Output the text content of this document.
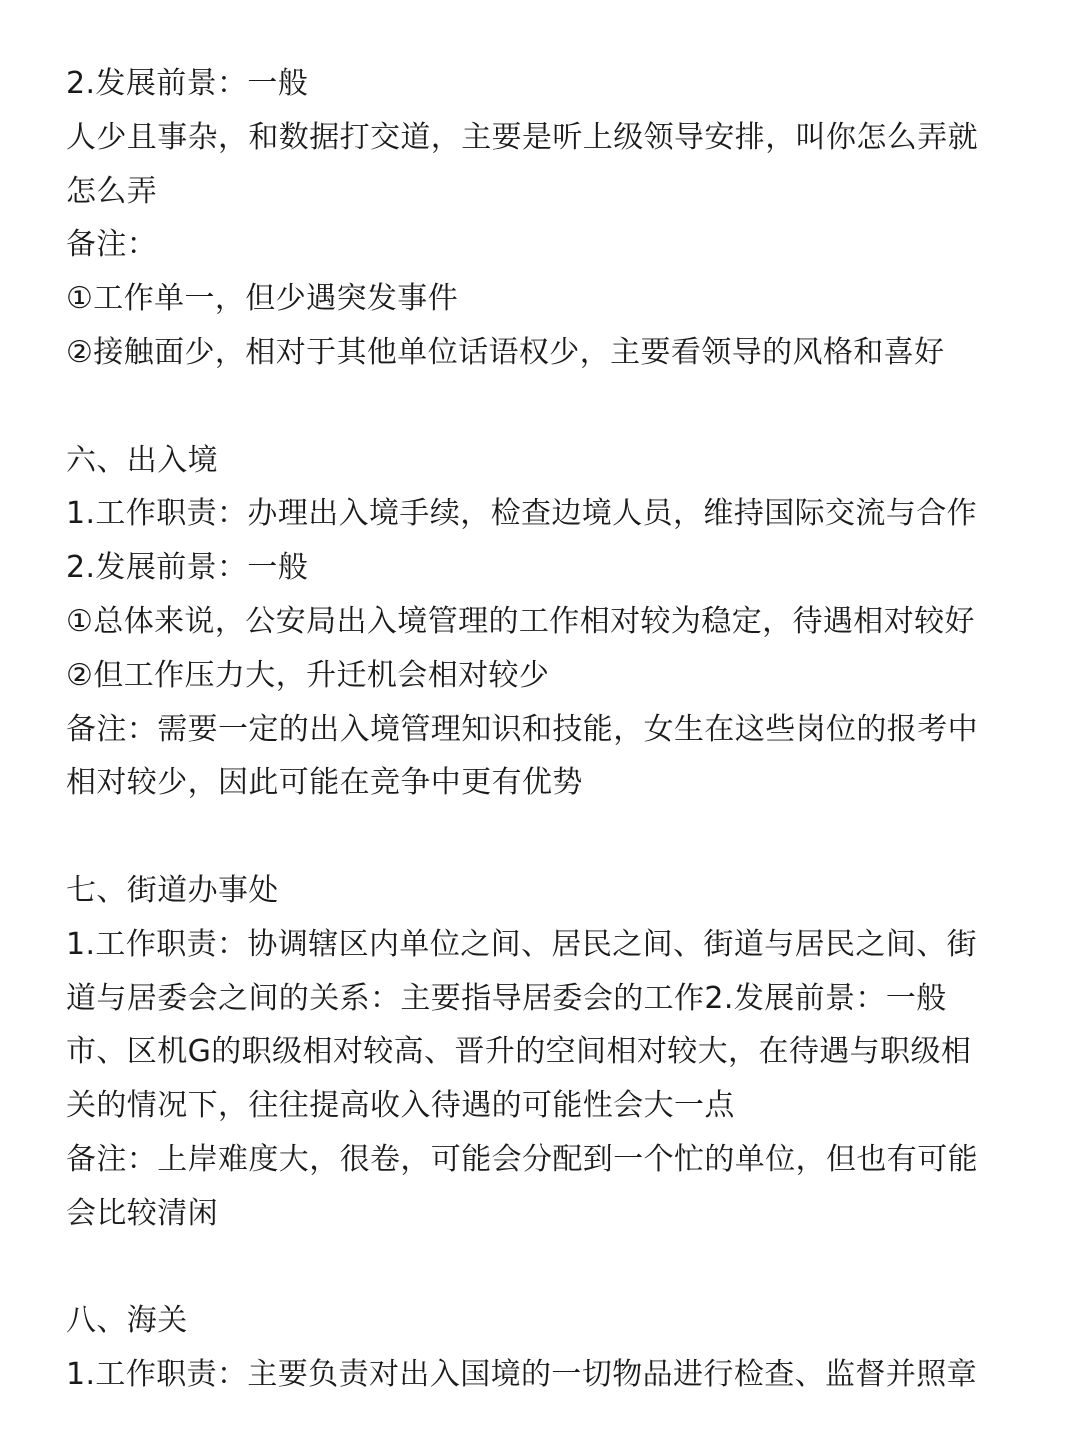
2.发展前景：一般
人少且事杂，和数据打交道，主要是听上级领导安排，叫你怎么弄就
怎么弄
备注：
①工作单一，但少遇突发事件
②接触面少，相对于其他单位话语权少，主要看领导的风格和喜好
六、出入境
1.工作职责：办理出入境手续，检查边境人员，维持国际交流与合作
2.发展前景：一般
①总体来说，公安局出入境管理的工作相对较为稳定，待遇相对较好
②但工作压力大，升迁机会相对较少
备注：需要一定的出入境管理知识和技能，女生在这些岗位的报考中
相对较少，因此可能在竞争中更有优势
七、街道办事处
1.工作职责：协调辖区内单位之间、居民之间、街道与居民之间、街
道与居委会之间的关系：主要指导居委会的工作2.发展前景：一般
市、区机G的职级相对较高、晋升的空间相对较大，在待遇与职级相
关的情况下，往往提高收入待遇的可能性会大一点
备注：上岸难度大，很卷，可能会分配到一个忙的单位，但也有可能
会比较清闲
八、海关
1.工作职责：主要负责对出入国境的一切物品进行检查、监督并照章
